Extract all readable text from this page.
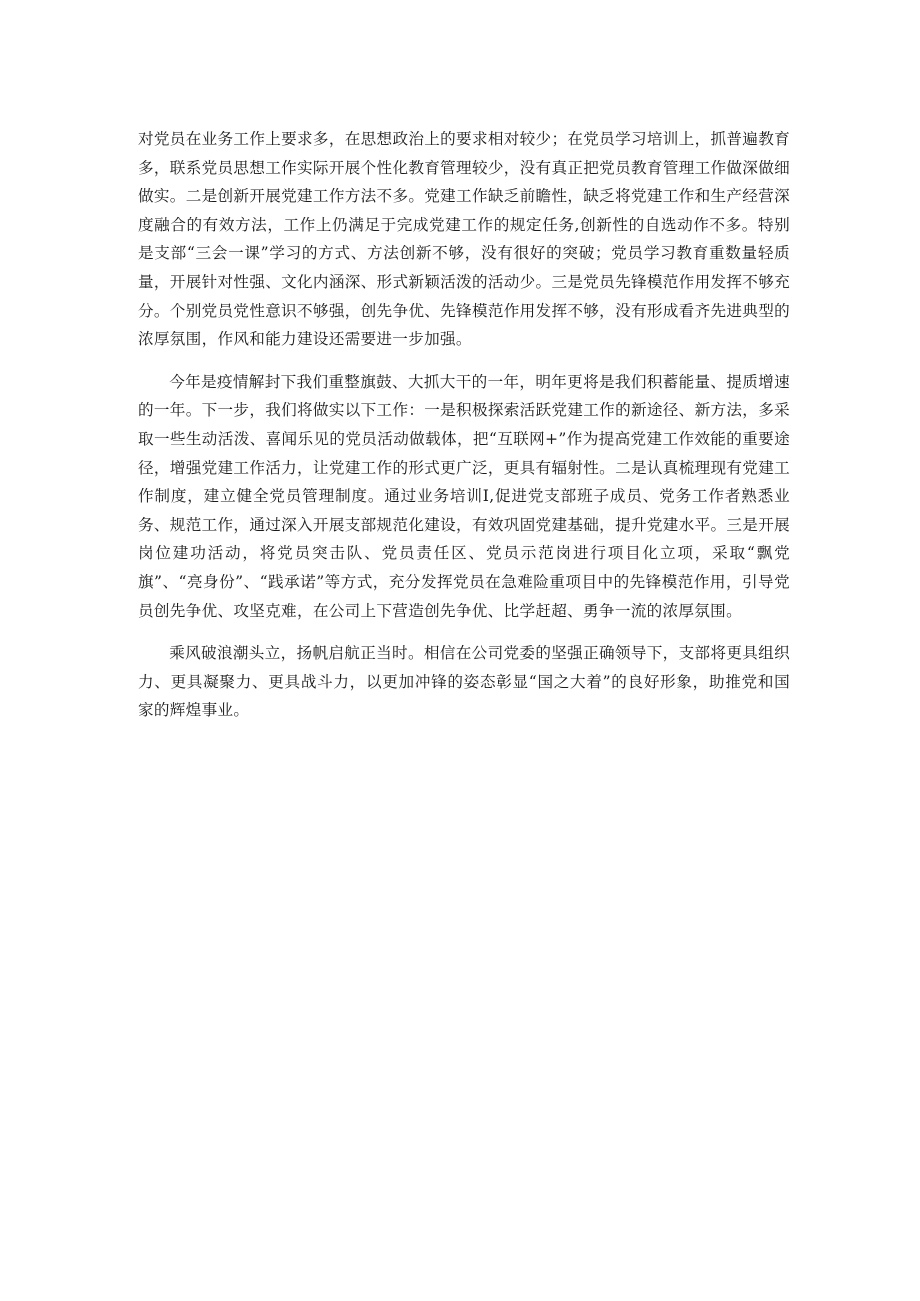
对党员在业务工作上要求多，在思想政治上的要求相对较少；在党员学习培训上，抓普遍教育多，联系党员思想工作实际开展个性化教育管理较少，没有真正把党员教育管理工作做深做细做实。二是创新开展党建工作方法不多。党建工作缺乏前瞻性，缺乏将党建工作和生产经营深度融合的有效方法，工作上仍满足于完成党建工作的规定任务,创新性的自选动作不多。特别是支部“三会一课”学习的方式、方法创新不够，没有很好的突破；党员学习教育重数量轻质量，开展针对性强、文化内涵深、形式新颖活泼的活动少。三是党员先锋模范作用发挥不够充分。个别党员党性意识不够强，创先争优、先锋模范作用发挥不够，没有形成看齐先进典型的浓厚氛围，作风和能力建设还需要进一步加强。

今年是疫情解封下我们重整旗鼓、大抓大干的一年，明年更将是我们积蓄能量、提质增速的一年。下一步，我们将做实以下工作：一是积极探索活跃党建工作的新途径、新方法，多采取一些生动活泼、喜闻乐见的党员活动做载体，把“互联网+”作为提高党建工作效能的重要途径，增强党建工作活力，让党建工作的形式更广泛，更具有辐射性。二是认真梳理现有党建工作制度，建立健全党员管理制度。通过业务培训I,促进党支部班子成员、党务工作者熟悉业务、规范工作，通过深入开展支部规范化建设，有效巩固党建基础，提升党建水平。三是开展岗位建功活动，将党员突击队、党员责任区、党员示范岗进行项目化立项，采取“飘党旗”、“亮身份”、“践承诺”等方式，充分发挥党员在急难险重项目中的先锋模范作用，引导党员创先争优、攻坚克难，在公司上下营造创先争优、比学赶超、勇争一流的浓厚氛围。

乘风破浪潮头立，扬帆启航正当时。相信在公司党委的坚强正确领导下，支部将更具组织力、更具凝聚力、更具战斗力，以更加冲锋的姿态彰显“国之大着”的良好形象，助推党和国家的辉煌事业。
